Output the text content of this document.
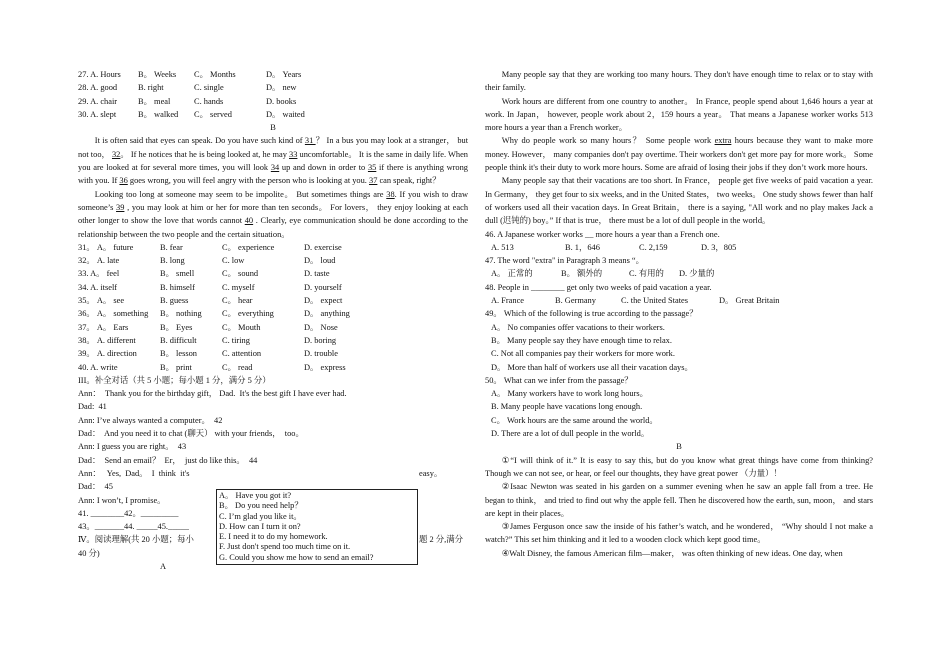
27. A. Hours	B。 Weeks	C。 Months	D。 Years
28. A. good	B. right	C. single	D。 new
29. A. chair	B。 meal	C. hands	D. books
30. A. slept	B。 walked	C。 served	D。 waited
B

It is often said that eyes can speak. Do you have such kind of 31 ？ In a bus you may look at a stranger， but not too， 32。 If he notices that he is being looked at, he may 33 uncomfortable。 It is the same in daily life. When you are looked at for several more times, you will look 34 up and down in order to 35 if there is anything wrong with you. If 36 goes wrong, you will feel angry with the person who is looking at you. 37 can speak, right？

Looking too long at someone may seem to be impolite。 But sometimes things are 38. If you wish to draw someone’s 39 , you may look at him or her for more than ten seconds。 For lovers， they enjoy looking at each other longer to show the love that words cannot 40 . Clearly, eye communication should be done according to the relationship between the two people and the certain situation。

31。 A。 future	B. fear	C。 experience	D. exercise
32。 A. late	B. long	C. low	D。 loud
33. A。 feel	B。 smell	C。 sound	D. taste
34. A. itself	B. himself	C. myself	D. yourself
35。 A。 see	B. guess	C。 hear	D。 expect
36。 A。 something	B。 nothing	C。 everything	D。 anything
37。 A。 Ears	B。 Eyes	C。 Mouth	D。 Nose
38。 A. different	B. difficult	C. tiring	D. boring
39。 A. direction	B。 lesson	C. attention	D. trouble
40. A. write	B。 print	C。 read	D。 express
III。补全对话（共 5 小题；每小题 1 分，满分 5 分）
Ann：  Thank you for the birthday gift， Dad.  It's the best gift I have ever had.
Dad:  41
Ann: I’ve always wanted a computer。  42
Dad：  And you need it to chat (聊天） with your friends，  too。
Ann: I guess you are right。  43
Dad：  Send an email？  Er，  just do like this。  44
Ann：   Yes,  Dad。  I  think  it's	easy。
Dad：  45
Ann: I won’t, I promise。
41. ________42。_________
43。_______44. _____45._____
Ⅳ。阅读理解(共 20 小题；每小	题 2 分,满分
40 分)
A
A。 Have you got it?
B。 Do you need help？
C. I’m glad you like it。
D. How can I turn it on?
E. I need it to do my homework.
F. Just don't spend too much time on it.
G. Could you show me how to send an email?

Many people say that they are working too many hours. They don't have enough time to relax or to stay with their family.

Work hours are different from one country to another。 In France, people spend about 1,646 hours a year at work. In Japan， however, people work about 2，159 hours a year。 That means a Japanese worker works 513 more hours a year than a French worker。

Why do people work so many hours？ Some people work extra hours because they want to make more money. However， many companies don't pay overtime. Their workers don't get more pay for more work。 Some people think it's their duty to work more hours. Some are afraid of losing their jobs if they don’t work more hours.

Many people say that their vacations are too short. In France， people get five weeks of paid vacation a year. In Germany， they get four to six weeks, and in the United States， two weeks。 One study shows fewer than half of workers used all their vacation days. In Great Britain， there is a saying, "All work and no play makes Jack a dull (迟钝的) boy。” If that is true， there must be a lot of dull people in the world。

46. A Japanese worker works __ more hours a year than a French one.
A. 513	B. 1，646	C. 2,159	D. 3，805
47. The word "extra" in Paragraph 3 means “。
A。 正常的	B。 额外的	C. 有用的	D. 少量的
48. People in ________ get only two weeks of paid vacation a year.
A. France	B. Germany	C. the United States	D。 Great Britain
49。 Which of the following is true according to the passage？
A。 No companies offer vacations to their workers.
B。 Many people say they have enough time to relax.
C. Not all companies pay their workers for more work.
D。 More than half of workers use all their vacation days。
50。 What can we infer from the passage？
A。 Many workers have to work long hours。
B. Many people have vacations long enough.
C。 Work hours are the same around the world。
D. There are a lot of dull people in the world。
B

①“I will think of it.” It is easy to say this, but do you know what great things have come from thinking? Though we can not see, or hear, or feel our thoughts, they have great power （力量）！

②Isaac Newton was seated in his garden on a summer evening when he saw an apple fall from a tree. He began to think， and tried to find out why the apple fell. Then he discovered how the earth, sun, moon， and stars are kept in their places。

③James Ferguson once saw the inside of his father’s watch, and he wondered， “Why should I not make a watch?” This set him thinking and it led to a wooden clock which kept good time。

④Walt Disney, the famous American film—maker， was often thinking of new ideas. One day, when
